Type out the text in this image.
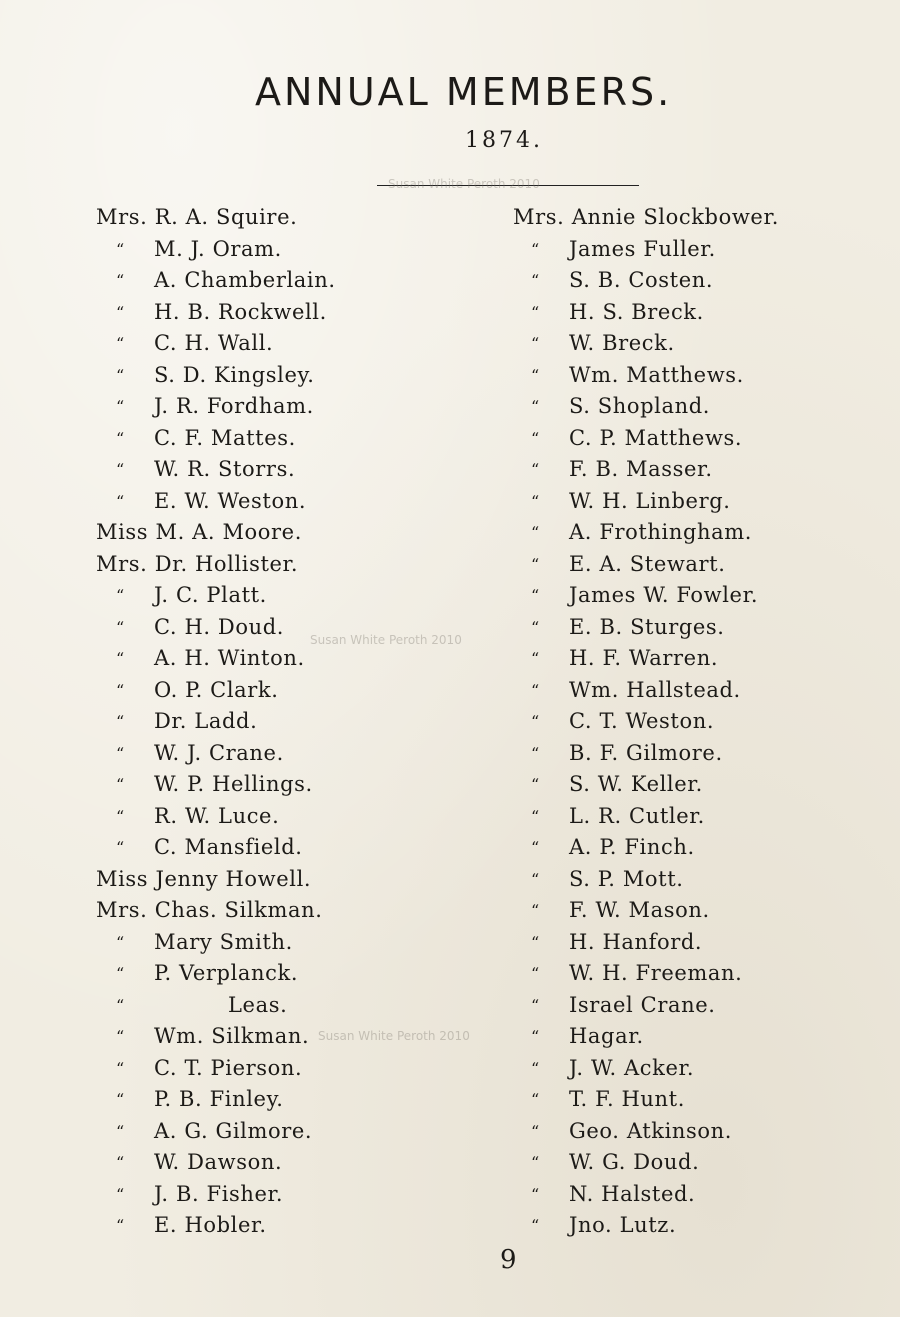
ANNUAL MEMBERS.
1874.
Mrs. R. A. Squire.
“ M. J. Oram.
“ A. Chamberlain.
“ H. B. Rockwell.
“ C. H. Wall.
“ S. D. Kingsley.
“ J. R. Fordham.
“ C. F. Mattes.
“ W. R. Storrs.
“ E. W. Weston.
Miss M. A. Moore.
Mrs. Dr. Hollister.
“ J. C. Platt.
“ C. H. Doud.
“ A. H. Winton.
“ O. P. Clark.
“ Dr. Ladd.
“ W. J. Crane.
“ W. P. Hellings.
“ R. W. Luce.
“ C. Mansfield.
Miss Jenny Howell.
Mrs. Chas. Silkman.
“ Mary Smith.
“ P. Verplanck.
“	Leas.
“ Wm. Silkman.
“ C. T. Pierson.
“ P. B. Finley.
“ A. G. Gilmore.
“ W. Dawson.
“ J. B. Fisher.
“ E. Hobler.
Mrs. Annie Slockbower.
“ James Fuller.
“ S. B. Costen.
“ H. S. Breck.
“ W. Breck.
“ Wm. Matthews.
“ S. Shopland.
“ C. P. Matthews.
“ F. B. Masser.
“ W. H. Linberg.
“ A. Frothingham.
“ E. A. Stewart.
“ James W. Fowler.
“ E. B. Sturges.
“ H. F. Warren.
“ Wm. Hallstead.
“ C. T. Weston.
“ B. F. Gilmore.
“ S. W. Keller.
“ L. R. Cutler.
“ A. P. Finch.
“ S. P. Mott.
“ F. W. Mason.
“ H. Hanford.
“ W. H. Freeman.
“ Israel Crane.
“ Hagar.
“ J. W. Acker.
“ T. F. Hunt.
“ Geo. Atkinson.
“ W. G. Doud.
“ N. Halsted.
“ Jno. Lutz.
Susan White Peroth 2010
Susan White Peroth 2010
Susan White Peroth 2010
9
